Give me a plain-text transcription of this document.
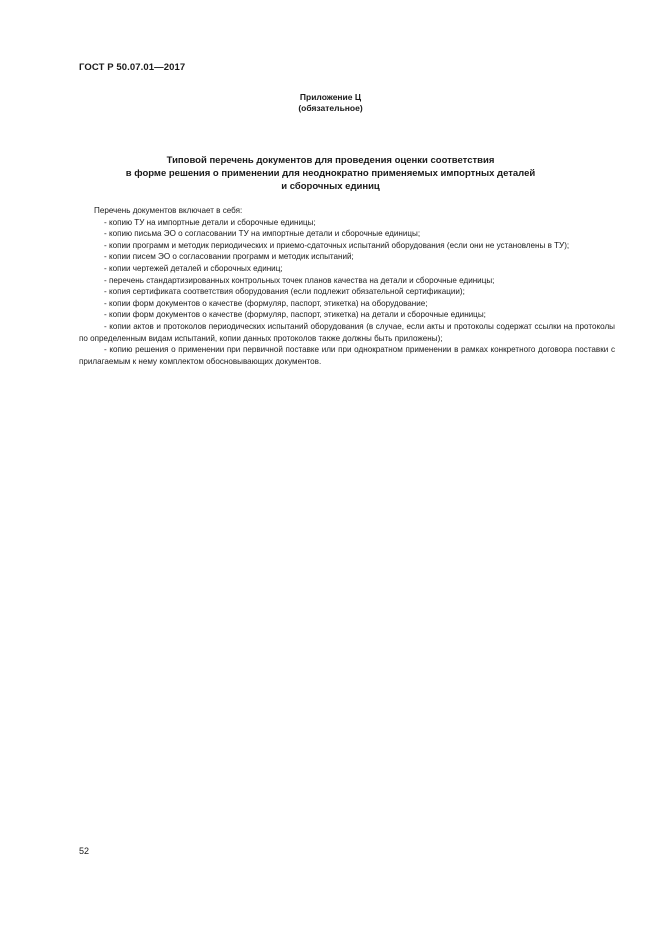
ГОСТ Р 50.07.01—2017
Приложение Ц
(обязательное)
Типовой перечень документов для проведения оценки соответствия
в форме решения о применении для неоднократно применяемых импортных деталей
и сборочных единиц

Перечень документов включает в себя:

- копию ТУ на импортные детали и сборочные единицы;

- копию письма ЭО о согласовании ТУ на импортные детали и сборочные единицы;

- копии программ и методик периодических и приемо-сдаточных испытаний оборудования (если они не установлены в ТУ);

- копии писем ЭО о согласовании программ и методик испытаний;

- копии чертежей деталей и сборочных единиц;

- перечень стандартизированных контрольных точек планов качества на детали и сборочные единицы;

- копия сертификата соответствия оборудования (если подлежит обязательной сертификации);

- копии форм документов о качестве (формуляр, паспорт, этикетка) на оборудование;

- копии форм документов о качестве (формуляр, паспорт, этикетка) на детали и сборочные единицы;

- копии актов и протоколов периодических испытаний оборудования (в случае, если акты и протоколы содержат ссылки на протоколы по определенным видам испытаний, копии данных протоколов также должны быть приложены);

- копию решения о применении при первичной поставке или при однократном применении в рамках конкретного договора поставки с прилагаемым к нему комплектом обосновывающих документов.

52
